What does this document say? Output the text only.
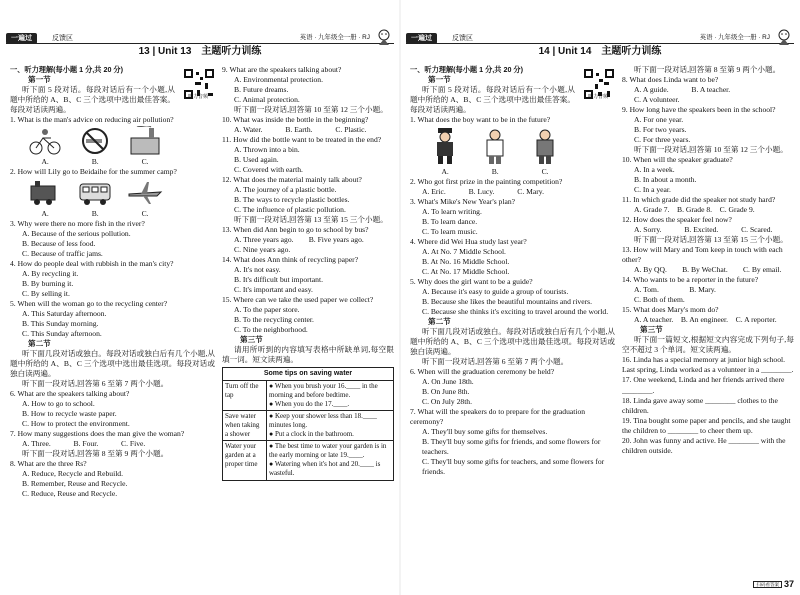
一遍过	反馈区	英语 · 九年级全一册 · RJ
13 | Unit 13　主题听力训练
一、听力理解(每小题 1 分,共 20 分)
听力音频
第一节
听下面 5 段对话。每段对话后有一个小题,从题中所给的 A、B、C 三个选项中选出最佳答案。每段对话读两遍。
1. What is the man's advice on reducing air pollution?
A.	B.	C.
2. How will Lily go to Beidaihe for the summer camp?
A.	B.	C.
3. Why were there no more fish in the river?
A. Because of the serious pollution.
B. Because of less food.
C. Because of traffic jams.
4. How do people deal with rubbish in the man's city?
A. By recycling it.
B. By burning it.
C. By selling it.
5. When will the woman go to the recycling center?
A. This Saturday afternoon.
B. This Sunday morning.
C. This Sunday afternoon.
第二节
听下面几段对话或独白。每段对话或独白后有几个小题,从题中所给的 A、B、C 三个选项中选出最佳选项。每段对话或独白读两遍。
听下面一段对话,回答第 6 至第 7 两个小题。
6. What are the speakers talking about?
A. How to go to school.
B. How to recycle waste paper.
C. How to protect the environment.
7. How many suggestions does the man give the woman?
A. Three.　　　	B. Four.　　　	C. Five.
听下面一段对话,回答第 8 至第 9 两个小题。
8. What are the three Rs?
A. Reduce, Recycle and Rebuild.
B. Remember, Reuse and Recycle.
C. Reduce, Reuse and Recycle.
9. What are the speakers talking about?
A. Environmental protection.
B. Future dreams.
C. Animal protection.
听下面一段对话,回答第 10 至第 12 三个小题。
10. What was inside the bottle in the beginning?
A. Water.　　　	B. Earth.　　　	C. Plastic.
11. How did the bottle want to be treated in the end?
A. Thrown into a bin.
B. Used again.
C. Covered with earth.
12. What does the material mainly talk about?
A. The journey of a plastic bottle.
B. The ways to recycle plastic bottles.
C. The influence of plastic pollution.
听下面一段对话,回答第 13 至第 15 三个小题。
13. When did Ann begin to go to school by bus?
A. Three years ago.　　 B. Five years ago.
C. Nine years ago.
14. What does Ann think of recycling paper?
A. It's not easy.
B. It's difficult but important.
C. It's important and easy.
15. Where can we take the used paper we collect?
A. To the paper store.
B. To the recycling center.
C. To the neighborhood.
第三节
请用所听到的内容填写表格中所缺单词,每空限填一词。短文读两遍。
Some tips on saving water	
Turn off the tap	● When you brush your 16.____ in the morning and before bedtime.
● When you do the 17.____.

Save water when taking a shower	● Keep your shower less than 18.____ minutes long.
● Put a clock in the bathroom.

Water your garden at a proper time	● The best time to water your garden is in the early morning or late 19.____.
● Watering when it's hot and 20.____ is wasteful.
一遍过	反馈区	英语 · 九年级全一册 · RJ
14 | Unit 14　主题听力训练
一、听力理解(每小题 1 分,共 20 分)
听力音频
第一节
听下面 5 段对话。每段对话后有一个小题,从题中所给的 A、B、C 三个选项中选出最佳答案。每段对话读两遍。
1. What does the boy want to be in the future?
A.	B.	C.
2. Who got first prize in the painting competition?
A. Eric.　　　	B. Lucy.　　　	C. Mary.
3. What's Mike's New Year's plan?
A. To learn writing.
B. To learn dance.
C. To learn music.
4. Where did Wei Hua study last year?
A. At No. 7 Middle School.
B. At No. 16 Middle School.
C. At No. 17 Middle School.
5. Why does the girl want to be a guide?
A. Because it's easy to guide a group of tourists.
B. Because she likes the beautiful mountains and rivers.
C. Because she thinks it's exciting to travel around the world.
第二节
听下面几段对话或独白。每段对话或独白后有几个小题,从题中所给的 A、B、C 三个选项中选出最佳选项。每段对话或独白读两遍。
听下面一段对话,回答第 6 至第 7 两个小题。
6. When will the graduation ceremony be held?
A. On June 18th.
B. On June 8th.
C. On July 28th.
7. What will the speakers do to prepare for the graduation ceremony?
A. They'll buy some gifts for themselves.
B. They'll buy some gifts for friends, and some flowers for teachers.
C. They'll buy some gifts for teachers, and some flowers for friends.
听下面一段对话,回答第 8 至第 9 两个小题。
8. What does Linda want to be?
A. A guide.　　　	B. A teacher.
C. A volunteer.
9. How long have the speakers been in the school?
A. For one year.
B. For two years.
C. For three years.
听下面一段对话,回答第 10 至第 12 三个小题。
10. When will the speaker graduate?
A. In a week.
B. In about a month.
C. In a year.
11. In which grade did the speaker not study hard?
A. Grade 7.　 B. Grade 8.　 C. Grade 9.
12. How does the speaker feel now?
A. Sorry.　　　	B. Excited.　　　	C. Scared.
听下面一段对话,回答第 13 至第 15 三个小题。
13. How will Mary and Tom keep in touch with each other?
A. By QQ.　　 B. By WeChat.　　 C. By email.
14. Who wants to be a reporter in the future?
A. Tom.　　　　	B. Mary.
C. Both of them.
15. What does Mary's mom do?
A. A teacher.　 B. An engineer.　 C. A reporter.
第三节
听下面一篇短文,根据短文内容完成下列句子,每空不超过 3 个单词。短文读两遍。
16. Linda has a special memory at junior high school. Last spring, Linda worked as a volunteer in a ________.
17. One weekend, Linda and her friends arrived there ________.
18. Linda gave away some ________ clothes to the children.
19. Tina bought some paper and pencils, and she taught the children to ________ to cheer them up.
20. John was funny and active. He ________ with the children outside.
扫码看答案 37
